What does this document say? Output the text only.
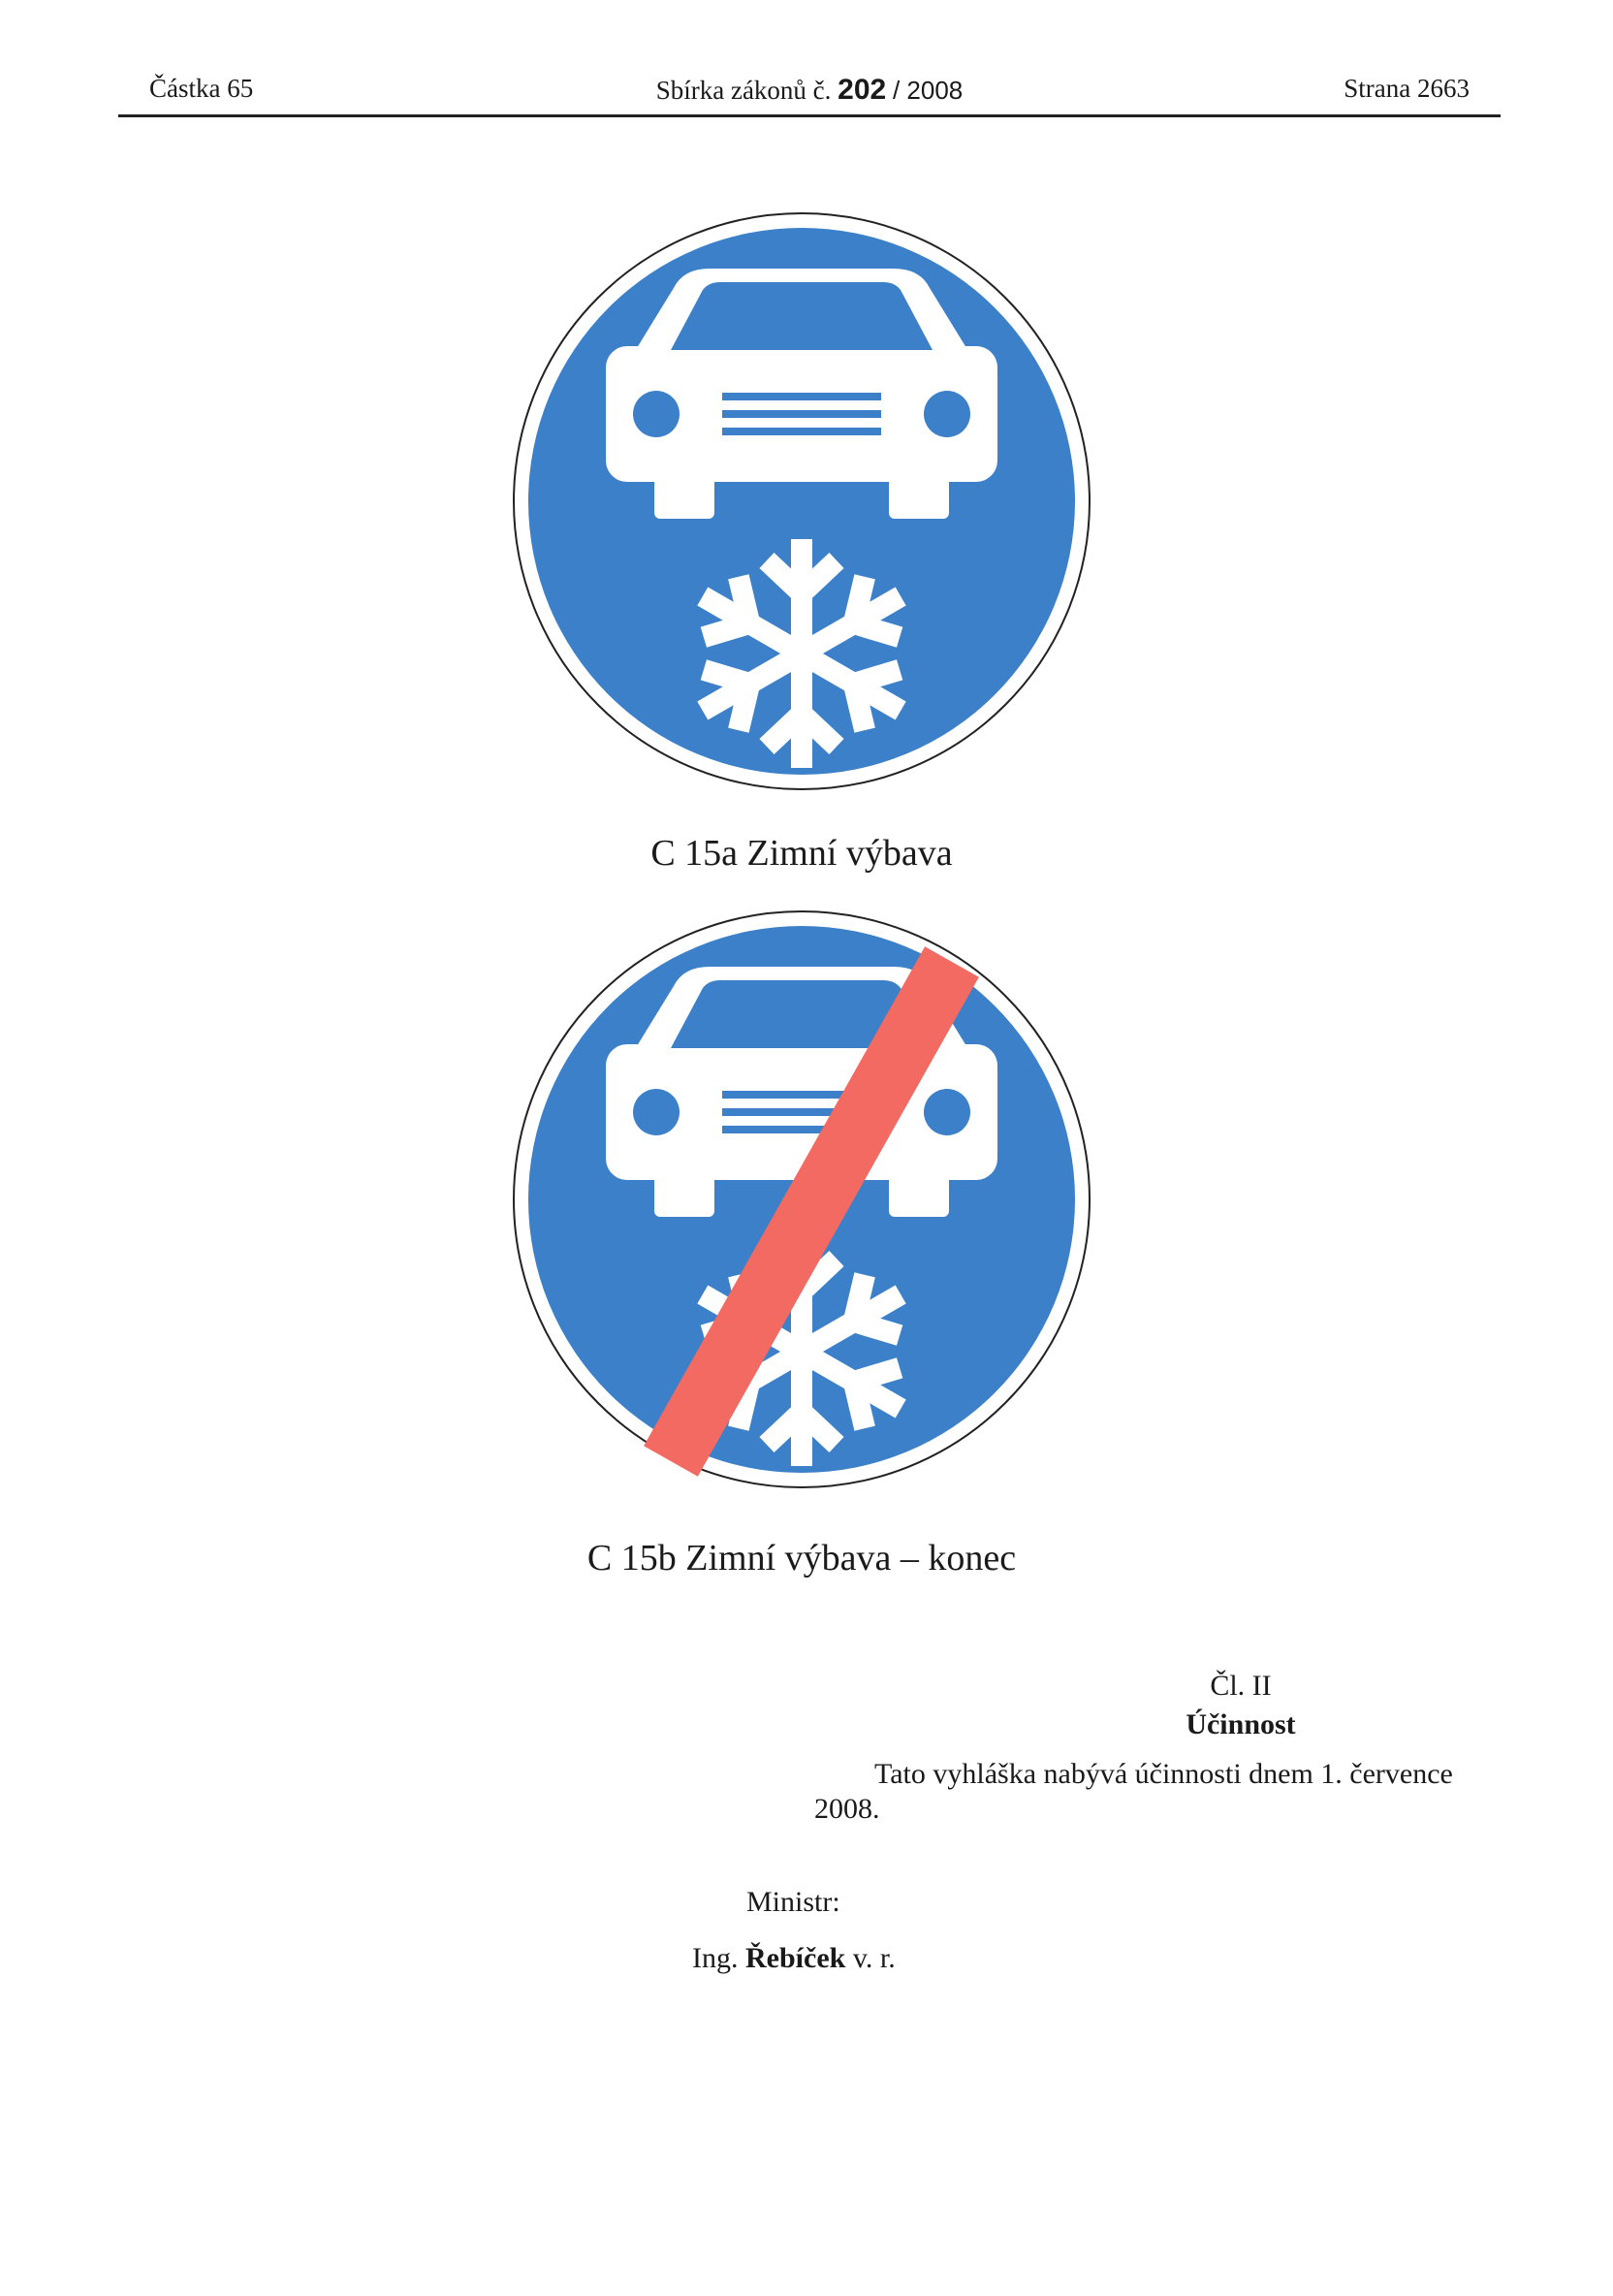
Částka 65	Sbírka zákonů č. 202 / 2008	Strana 2663
C 15a Zimní výbava
C 15b Zimní výbava – konec
Čl. II
Účinnost
Tato vyhláška nabývá účinnosti dnem 1. července
2008.
Ministr:
Ing. Řebíček v. r.
